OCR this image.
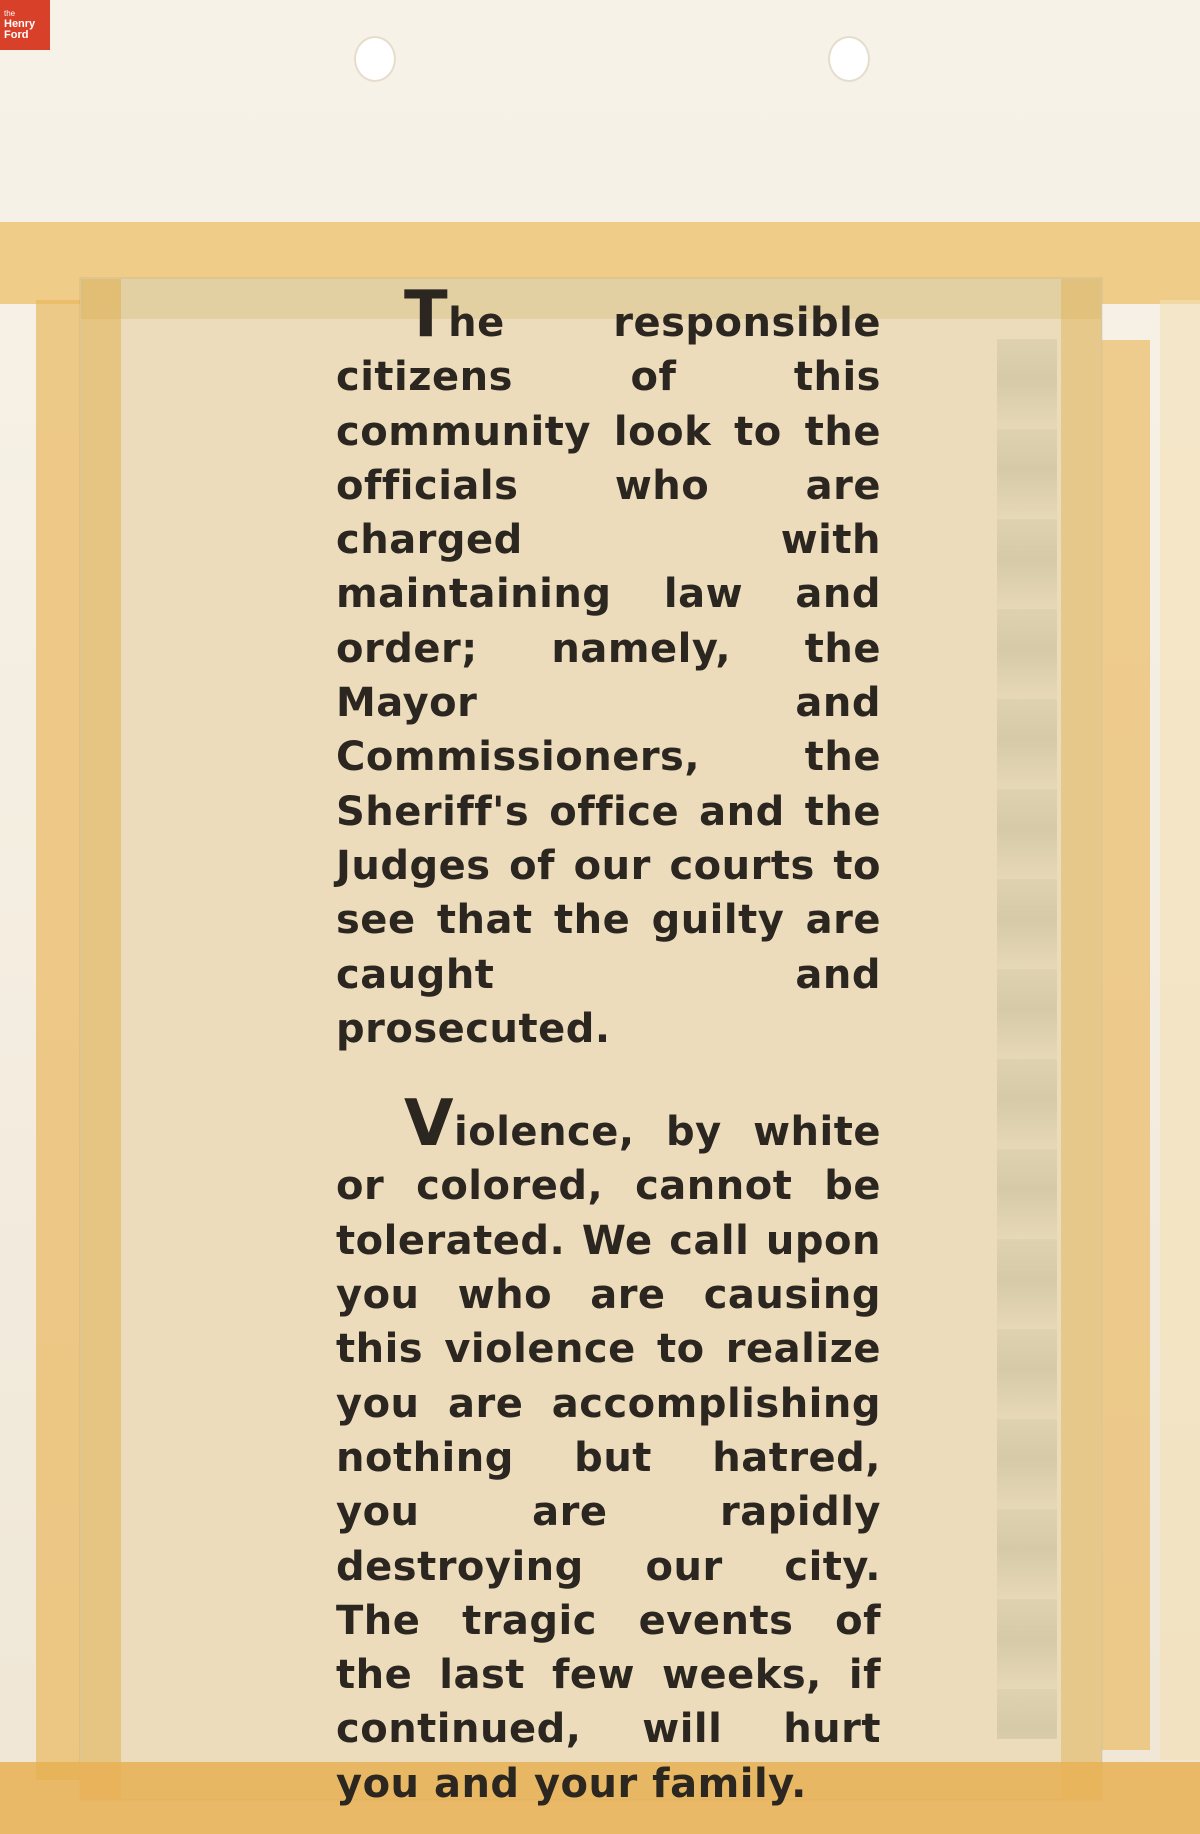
the
Henry
Ford

The responsible citizens of this community look to the officials who are charged with maintaining law and order; namely, the Mayor and Commissioners, the Sheriff's office and the Judges of our courts to see that the guilty are caught and prosecuted.

Violence, by white or colored, cannot be tolerated. We call upon you who are causing this violence to realize you are accomplishing nothing but hatred, you are rapidly destroying our city. The tragic events of the last few weeks, if continued, will hurt you and your family.
